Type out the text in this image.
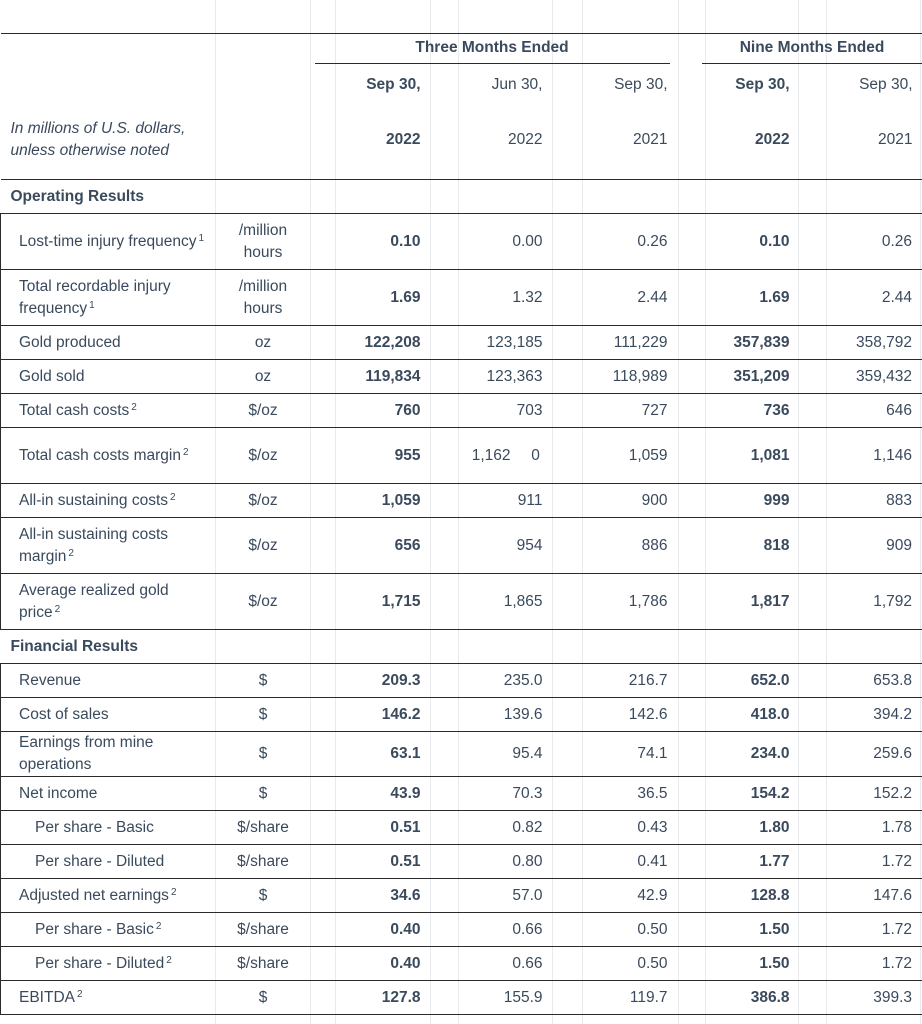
		Three Months Ended			Nine Months Ended	

		Sep 30,	Jun 30,	Sep 30,	Sep 30,	Sep 30,

In millions of U.S. dollars, unless otherwise noted		2022	2022	2021	2022	2021
Operating Results						
Lost-time injury frequency $^1$	/million hours	0.10	0.00	0.26	0.10	0.26
Total recordable injury frequency $^1$	/million hours	1.69	1.32	2.44	1.69	2.44
Gold produced	oz	122,208	123,185	111,229	357,839	358,792
Gold sold	oz	119,834	123,363	118,989	351,209	359,432
Total cash costs $^2$	$/oz	760	703	727	736	646
Total cash costs margin $^2$	$/oz	955	1,162 0	1,059	1,081	1,146
All-in sustaining costs $^2$	$/oz	1,059	911	900	999	883
All-in sustaining costs margin $^2$	$/oz	656	954	886	818	909
Average realized gold price $^2$	$/oz	1,715	1,865	1,786	1,817	1,792
Financial Results						
Revenue	$	209.3	235.0	216.7	652.0	653.8
Cost of sales	$	146.2	139.6	142.6	418.0	394.2
Earnings from mine operations	$	63.1	95.4	74.1	234.0	259.6
Net income	$	43.9	70.3	36.5	154.2	152.2
Per share - Basic	$/share	0.51	0.82	0.43	1.80	1.78
Per share - Diluted	$/share	0.51	0.80	0.41	1.77	1.72
Adjusted net earnings $^2$	$	34.6	57.0	42.9	128.8	147.6
Per share - Basic $^2$	$/share	0.40	0.66	0.50	1.50	1.72
Per share - Diluted $^2$	$/share	0.40	0.66	0.50	1.50	1.72
EBITDA $^2$	$	127.8	155.9	119.7	386.8	399.3
